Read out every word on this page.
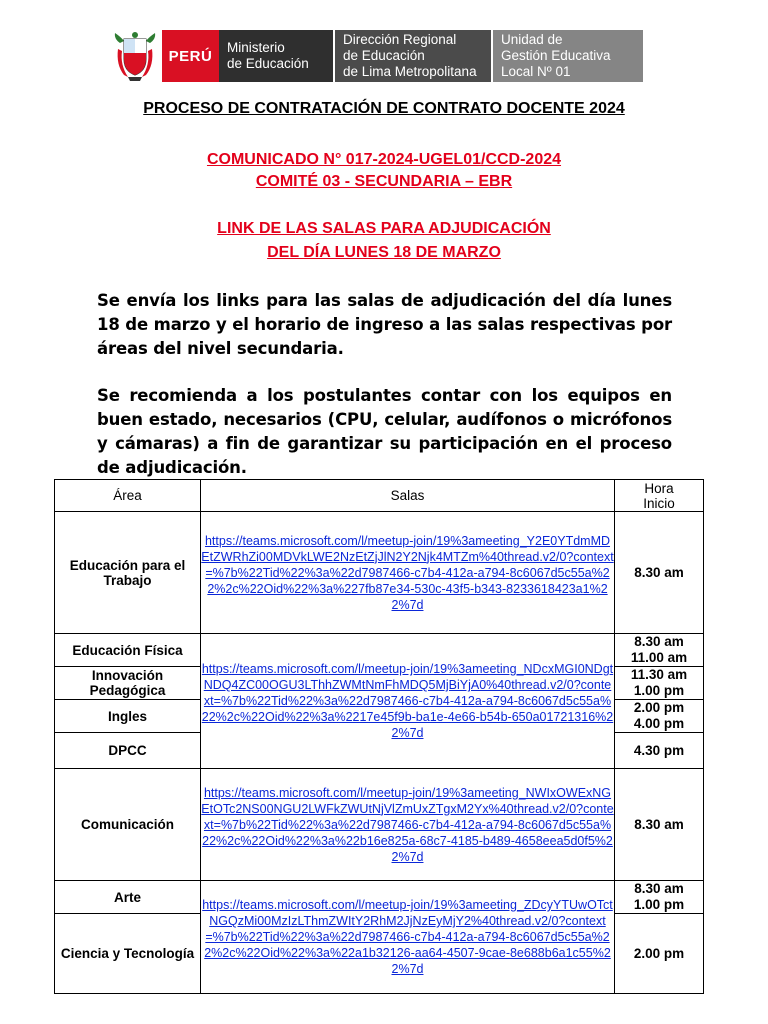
PERÚ	Ministerio
de Educación
Dirección Regional
de Educación
de Lima Metropolitana
Unidad de
Gestión Educativa
Local Nº 01
PROCESO DE CONTRATACIÓN DE CONTRATO DOCENTE 2024
COMUNICADO N° 017-2024-UGEL01/CCD-2024
COMITÉ 03 - SECUNDARIA – EBR
LINK DE LAS SALAS PARA ADJUDICACIÓN
DEL DÍA LUNES 18 DE MARZO
Se envía los links para las salas de adjudicación del día lunes 18 de marzo y el horario de ingreso a las salas respectivas por áreas del nivel secundaria.
Se recomienda a los postulantes contar con los equipos en buen estado, necesarios (CPU, celular, audífonos o micrófonos y cámaras) a fin de garantizar su participación en el proceso de adjudicación.
Área	Salas	Hora
Inicio
Educación para el Trabajo	https://teams.microsoft.com/l/meetup-join/19%3ameeting_Y2E0YTdmMDEtZWRhZi00MDVkLWE2NzEtZjJlN2Y2Njk4MTZm%40thread.v2/0?context=%7b%22Tid%22%3a%22d7987466-c7b4-412a-a794-8c6067d5c55a%22%2c%22Oid%22%3a%227fb87e34-530c-43f5-b343-8233618423a1%22%7d	8.30 am
Educación Física	https://teams.microsoft.com/l/meetup-join/19%3ameeting_NDcxMGI0NDgtNDQ4ZC00OGU3LThhZWMtNmFhMDQ5MjBiYjA0%40thread.v2/0?context=%7b%22Tid%22%3a%22d7987466-c7b4-412a-a794-8c6067d5c55a%22%2c%22Oid%22%3a%2217e45f9b-ba1e-4e66-b54b-650a01721316%22%7d	8.30 am
11.00 am
Innovación Pedagógica		11.30 am
1.00 pm
Ingles		2.00 pm
4.00 pm
DPCC		4.30 pm
Comunicación	https://teams.microsoft.com/l/meetup-join/19%3ameeting_NWIxOWExNGEtOTc2NS00NGU2LWFkZWUtNjVlZmUxZTgxM2Yx%40thread.v2/0?context=%7b%22Tid%22%3a%22d7987466-c7b4-412a-a794-8c6067d5c55a%22%2c%22Oid%22%3a%22b16e825a-68c7-4185-b489-4658eea5d0f5%22%7d	8.30 am
Arte	https://teams.microsoft.com/l/meetup-join/19%3ameeting_ZDcyYTUwOTctNGQzMi00MzIzLThmZWItY2RhM2JjNzEyMjY2%40thread.v2/0?context=%7b%22Tid%22%3a%22d7987466-c7b4-412a-a794-8c6067d5c55a%22%2c%22Oid%22%3a%22a1b32126-aa64-4507-9cae-8e688b6a1c55%22%7d	8.30 am
1.00 pm
Ciencia y Tecnología		2.00 pm
